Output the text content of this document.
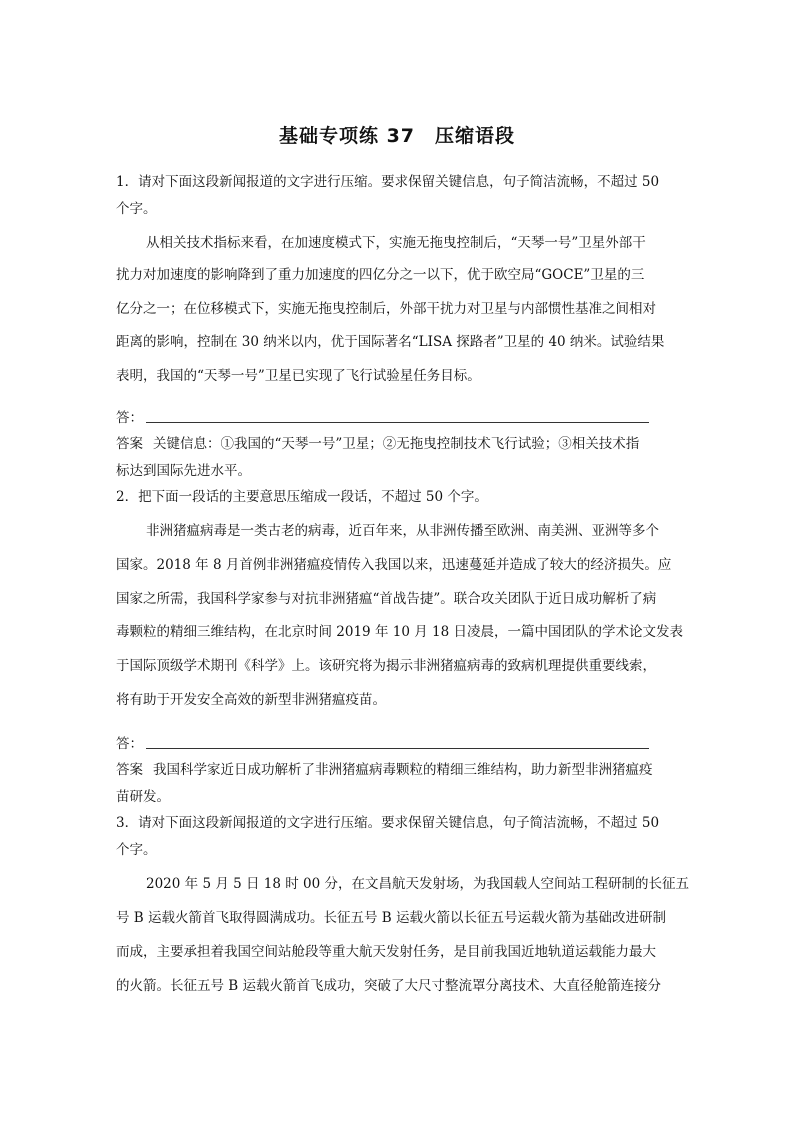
基础专项练 37　压缩语段
1．请对下面这段新闻报道的文字进行压缩。要求保留关键信息，句子简洁流畅，不超过 50
个字。
从相关技术指标来看，在加速度模式下，实施无拖曳控制后，“天琴一号”卫星外部干
扰力对加速度的影响降到了重力加速度的四亿分之一以下，优于欧空局“GOCE”卫星的三
亿分之一；在位移模式下，实施无拖曳控制后，外部干扰力对卫星与内部惯性基准之间相对
距离的影响，控制在 30 纳米以内，优于国际著名“LISA 探路者”卫星的 40 纳米。试验结果
表明，我国的“天琴一号”卫星已实现了飞行试验星任务目标。
答：
答案 关键信息：①我国的“天琴一号”卫星；②无拖曳控制技术飞行试验；③相关技术指
标达到国际先进水平。
2．把下面一段话的主要意思压缩成一段话，不超过 50 个字。
非洲猪瘟病毒是一类古老的病毒，近百年来，从非洲传播至欧洲、南美洲、亚洲等多个
国家。2018 年 8 月首例非洲猪瘟疫情传入我国以来，迅速蔓延并造成了较大的经济损失。应
国家之所需，我国科学家参与对抗非洲猪瘟“首战告捷”。联合攻关团队于近日成功解析了病
毒颗粒的精细三维结构，在北京时间 2019 年 10 月 18 日凌晨，一篇中国团队的学术论文发表
于国际顶级学术期刊《科学》上。该研究将为揭示非洲猪瘟病毒的致病机理提供重要线索，
将有助于开发安全高效的新型非洲猪瘟疫苗。
答：
答案 我国科学家近日成功解析了非洲猪瘟病毒颗粒的精细三维结构，助力新型非洲猪瘟疫
苗研发。
3．请对下面这段新闻报道的文字进行压缩。要求保留关键信息，句子简洁流畅，不超过 50
个字。
2020 年 5 月 5 日 18 时 00 分，在文昌航天发射场，为我国载人空间站工程研制的长征五
号 B 运载火箭首飞取得圆满成功。长征五号 B 运载火箭以长征五号运载火箭为基础改进研制
而成，主要承担着我国空间站舱段等重大航天发射任务，是目前我国近地轨道运载能力最大
的火箭。长征五号 B 运载火箭首飞成功，突破了大尺寸整流罩分离技术、大直径舱箭连接分
